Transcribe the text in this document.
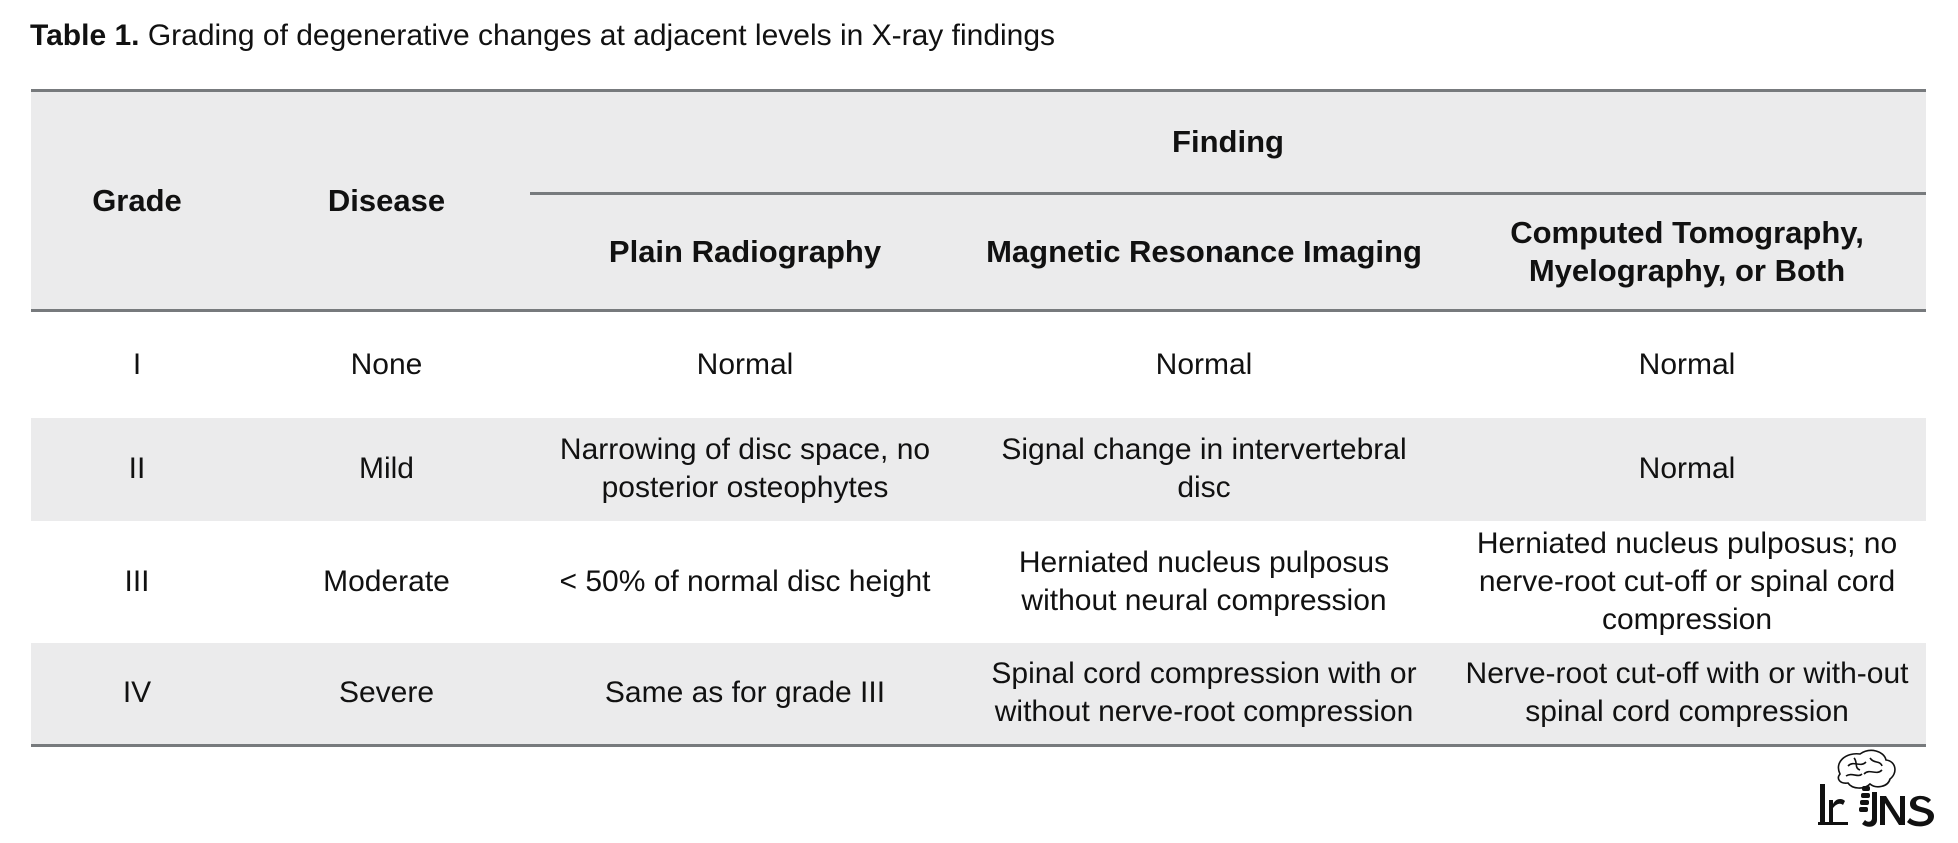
Table 1. Grading of degenerative changes at adjacent levels in X-ray findings
Grade	Disease	Finding		
		Plain Radiography	Magnetic Resonance Imaging	Computed Tomography,
Myelography, or Both
I	None	Normal	Normal	Normal
II	Mild	Narrowing of disc space, no posterior osteophytes	Signal change in intervertebral disc	Normal
III	Moderate	< 50% of normal disc height	Herniated nucleus pulposus without neural compression	Herniated nucleus pulposus; no nerve-root cut-off or spinal cord compression
IV	Severe	Same as for grade III	Spinal cord compression with or without nerve-root compression	Nerve-root cut-off with or with-out spinal cord compression
